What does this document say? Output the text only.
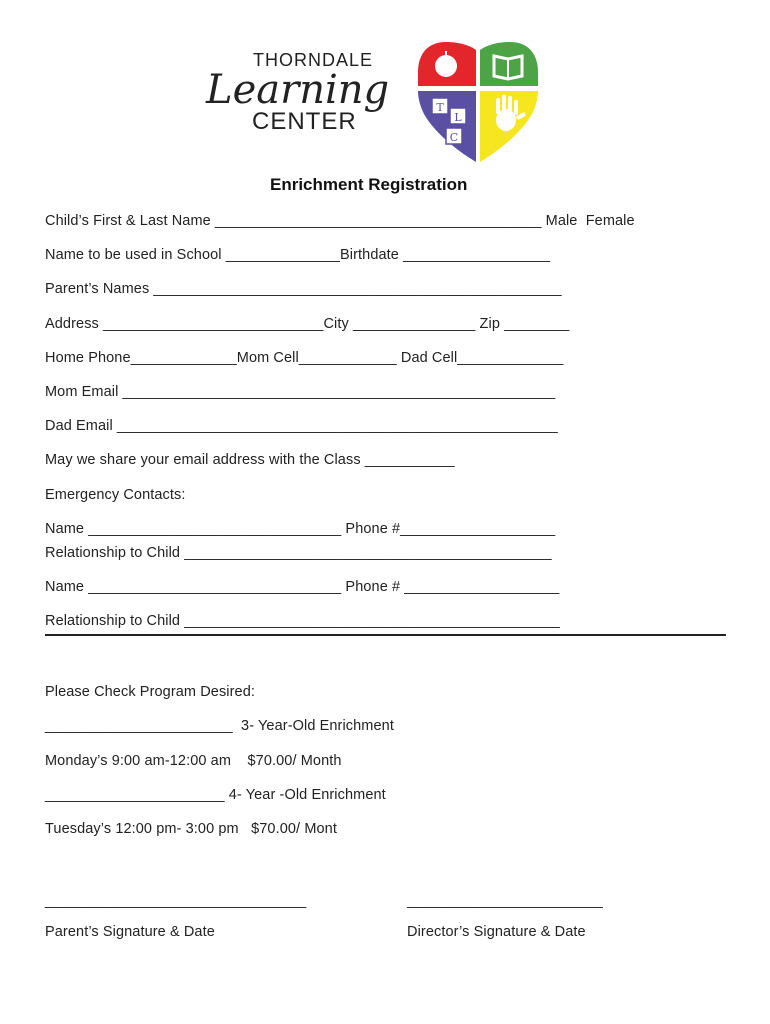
THORNDALE
Learning
CENTER
T
L
C
Enrichment Registration
Child’s First & Last Name ________________________________________ Male  Female
Name to be used in School ______________Birthdate __________________
Parent’s Names __________________________________________________
Address ___________________________City _______________ Zip ________
Home Phone_____________Mom Cell____________ Dad Cell_____________
Mom Email _____________________________________________________
Dad Email ______________________________________________________
May we share your email address with the Class ___________
Emergency Contacts:
Name _______________________________ Phone #___________________
Relationship to Child _____________________________________________
Name _______________________________ Phone # ___________________
Relationship to Child ______________________________________________
Please Check Program Desired:
_______________________  3- Year-Old Enrichment
Monday’s 9:00 am-12:00 am    $70.00/ Month
______________________ 4- Year -Old Enrichment
Tuesday’s 12:00 pm- 3:00 pm   $70.00/ Mont
________________________________
Parent’s Signature & Date
________________________
Director’s Signature & Date
